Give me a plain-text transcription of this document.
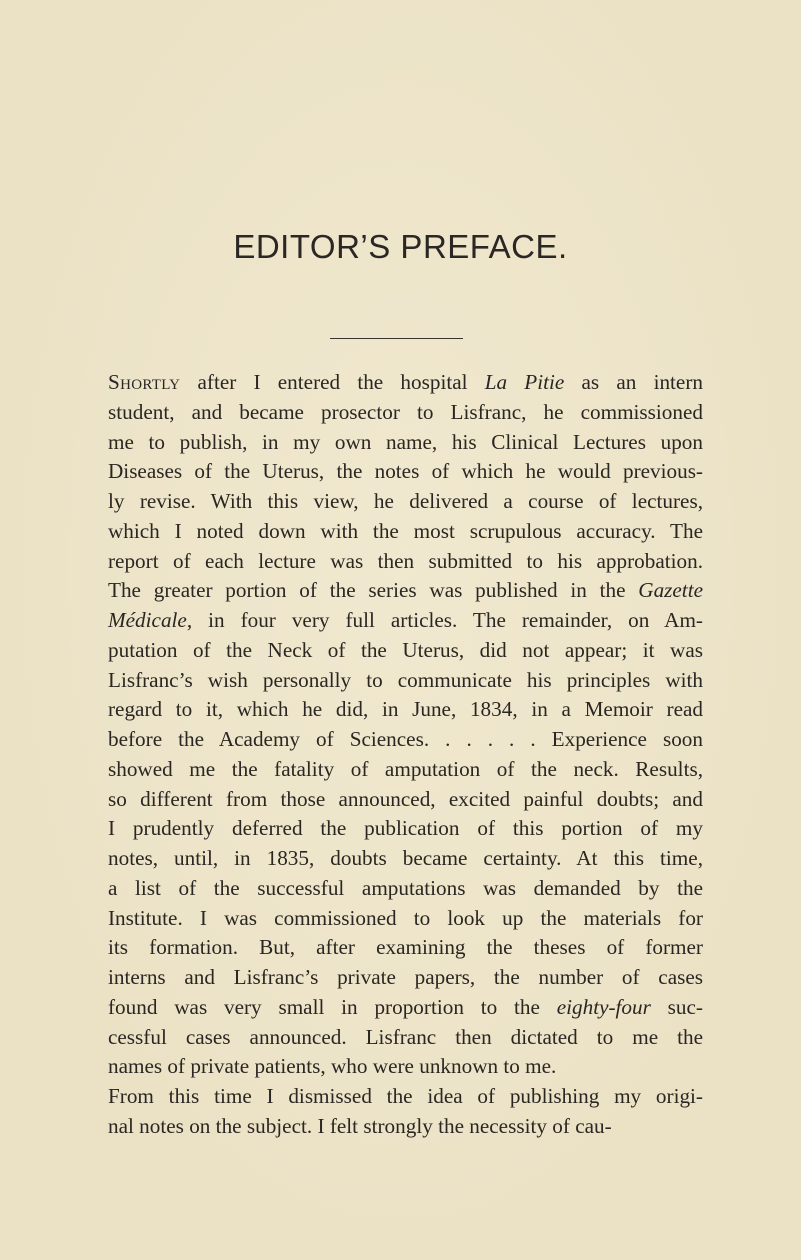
EDITOR’S PREFACE.
Shortly after I entered the hospital La Pitie as an intern
student, and became prosector to Lisfranc, he commissioned
me to publish, in my own name, his Clinical Lectures upon
Diseases of the Uterus, the notes of which he would previous-
ly revise. With this view, he delivered a course of lectures,
which I noted down with the most scrupulous accuracy. The
report of each lecture was then submitted to his approbation.
The greater portion of the series was published in the Gazette
Médicale, in four very full articles. The remainder, on Am-
putation of the Neck of the Uterus, did not appear; it was
Lisfranc’s wish personally to communicate his principles with
regard to it, which he did, in June, 1834, in a Memoir read
before the Academy of Sciences. . . . . . Experience soon
showed me the fatality of amputation of the neck. Results,
so different from those announced, excited painful doubts; and
I prudently deferred the publication of this portion of my
notes, until, in 1835, doubts became certainty. At this time,
a list of the successful amputations was demanded by the
Institute. I was commissioned to look up the materials for
its formation. But, after examining the theses of former
interns and Lisfranc’s private papers, the number of cases
found was very small in proportion to the eighty-four suc-
cessful cases announced. Lisfranc then dictated to me the
names of private patients, who were unknown to me.
From this time I dismissed the idea of publishing my origi-
nal notes on the subject. I felt strongly the necessity of cau-
